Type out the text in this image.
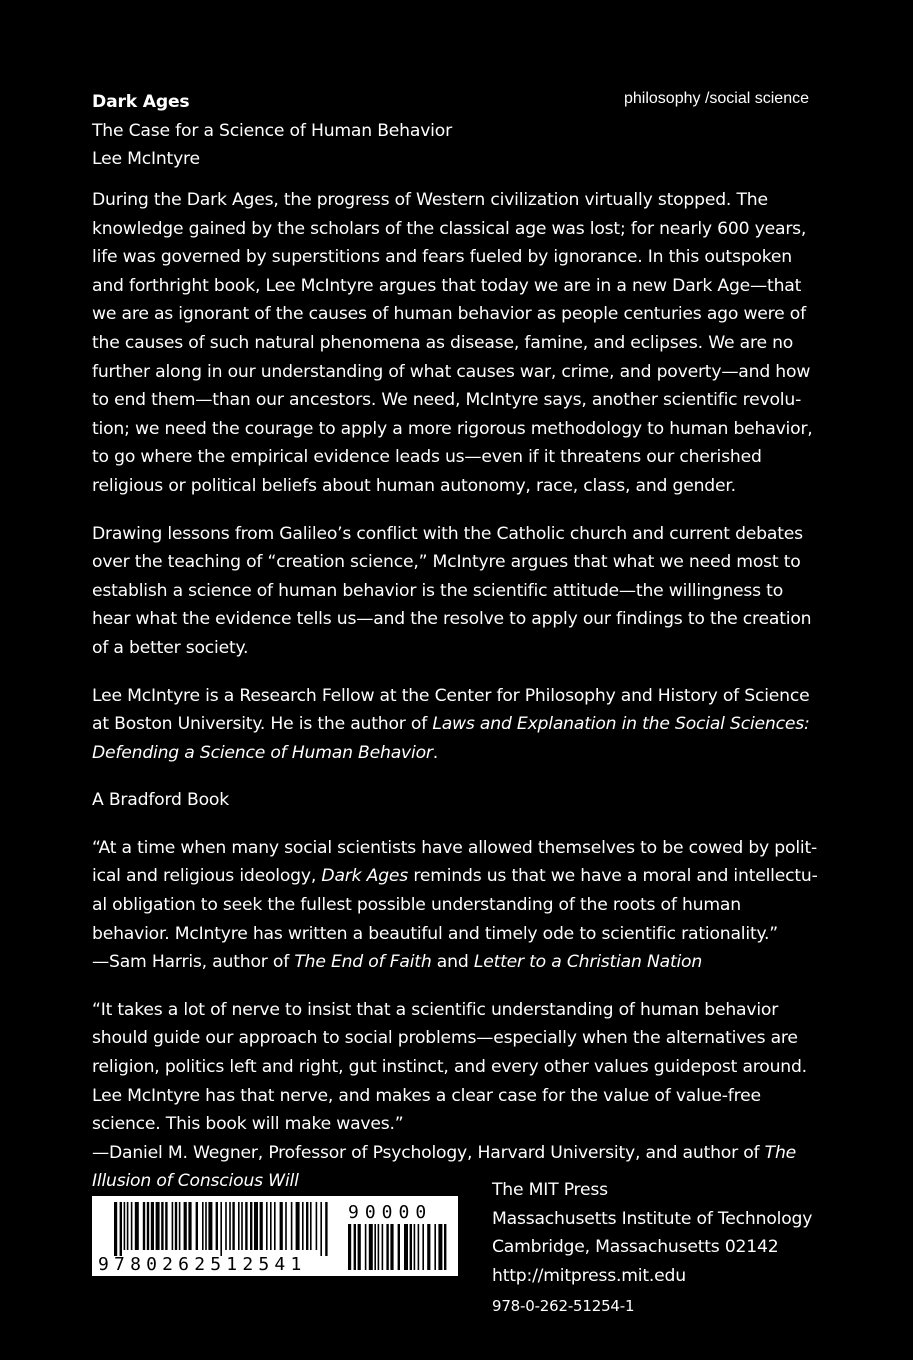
philosophy /social science
Dark Ages
The Case for a Science of Human Behavior
Lee McIntyre
During the Dark Ages, the progress of Western civilization virtually stopped. The
knowledge gained by the scholars of the classical age was lost; for nearly 600 years,
life was governed by superstitions and fears fueled by ignorance. In this outspoken
and forthright book, Lee McIntyre argues that today we are in a new Dark Age—that
we are as ignorant of the causes of human behavior as people centuries ago were of
the causes of such natural phenomena as disease, famine, and eclipses. We are no
further along in our understanding of what causes war, crime, and poverty—and how
to end them—than our ancestors. We need, McIntyre says, another scientific revolu-
tion; we need the courage to apply a more rigorous methodology to human behavior,
to go where the empirical evidence leads us—even if it threatens our cherished
religious or political beliefs about human autonomy, race, class, and gender.
Drawing lessons from Galileo’s conflict with the Catholic church and current debates
over the teaching of “creation science,” McIntyre argues that what we need most to
establish a science of human behavior is the scientific attitude—the willingness to
hear what the evidence tells us—and the resolve to apply our findings to the creation
of a better society.
Lee McIntyre is a Research Fellow at the Center for Philosophy and History of Science
at Boston University. He is the author of Laws and Explanation in the Social Sciences:
Defending a Science of Human Behavior.
A Bradford Book
“At a time when many social scientists have allowed themselves to be cowed by polit-
ical and religious ideology, Dark Ages reminds us that we have a moral and intellectu-
al obligation to seek the fullest possible understanding of the roots of human
behavior. McIntyre has written a beautiful and timely ode to scientific rationality.”
—Sam Harris, author of The End of Faith and Letter to a Christian Nation
“It takes a lot of nerve to insist that a scientific understanding of human behavior
should guide our approach to social problems—especially when the alternatives are
religion, politics left and right, gut instinct, and every other values guidepost around.
Lee McIntyre has that nerve, and makes a clear case for the value of value-free
science. This book will make waves.”
—Daniel M. Wegner, Professor of Psychology, Harvard University, and author of The
Illusion of Conscious Will
9780262512541
90000
The MIT Press
Massachusetts Institute of Technology
Cambridge, Massachusetts 02142
http://mitpress.mit.edu
978-0-262-51254-1
